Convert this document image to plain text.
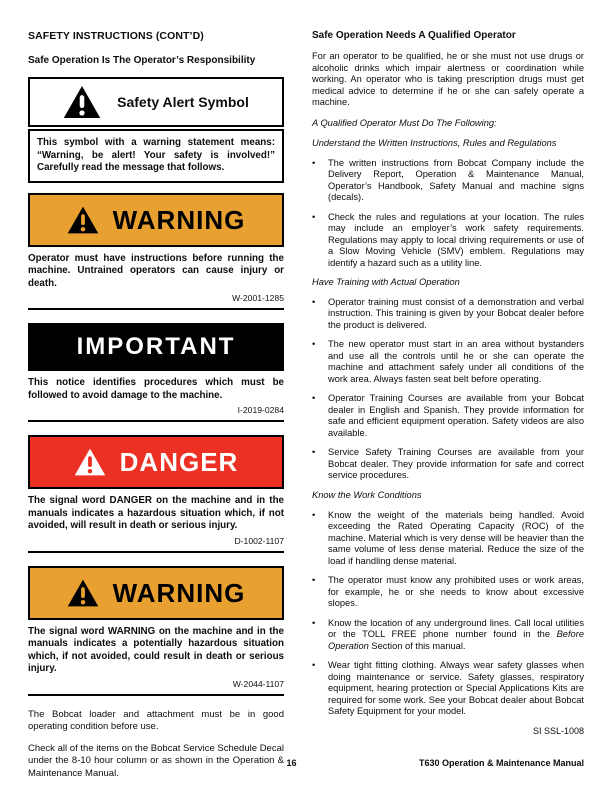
SAFETY INSTRUCTIONS (CONT’D)
Safe Operation Is The Operator’s Responsibility
Safety Alert Symbol
This symbol with a warning statement means: “Warning, be alert! Your safety is involved!” Carefully read the message that follows.
WARNING

Operator must have instructions before running the machine. Untrained operators can cause injury or death.

W-2001-1285
IMPORTANT

This notice identifies procedures which must be followed to avoid damage to the machine.

I-2019-0284
DANGER

The signal word DANGER on the machine and in the manuals indicates a hazardous situation which, if not avoided, will result in death or serious injury.

D-1002-1107
WARNING

The signal word WARNING on the machine and in the manuals indicates a potentially hazardous situation which, if not avoided, could result in death or serious injury.

W-2044-1107

The Bobcat loader and attachment must be in good operating condition before use.

Check all of the items on the Bobcat Service Schedule Decal under the 8-10 hour column or as shown in the Operation & Maintenance Manual.

Safe Operation Needs A Qualified Operator

For an operator to be qualified, he or she must not use drugs or alcoholic drinks which impair alertness or coordination while working. An operator who is taking prescription drugs must get medical advice to determine if he or she can safely operate a machine.

A Qualified Operator Must Do The Following:

Understand the Written Instructions, Rules and Regulations

•	The written instructions from Bobcat Company include the Delivery Report, Operation & Maintenance Manual, Operator’s Handbook, Safety Manual and machine signs (decals).
•	Check the rules and regulations at your location. The rules may include an employer’s work safety requirements. Regulations may apply to local driving requirements or use of a Slow Moving Vehicle (SMV) emblem. Regulations may identify a hazard such as a utility line.

Have Training with Actual Operation

•	Operator training must consist of a demonstration and verbal instruction. This training is given by your Bobcat dealer before the product is delivered.
•	The new operator must start in an area without bystanders and use all the controls until he or she can operate the machine and attachment safely under all conditions of the work area. Always fasten seat belt before operating.
•	Operator Training Courses are available from your Bobcat dealer in English and Spanish. They provide information for safe and efficient equipment operation. Safety videos are also available.
•	Service Safety Training Courses are available from your Bobcat dealer. They provide information for safe and correct service procedures.

Know the Work Conditions

•	Know the weight of the materials being handled. Avoid exceeding the Rated Operating Capacity (ROC) of the machine. Material which is very dense will be heavier than the same volume of less dense material. Reduce the size of the load if handling dense material.
•	The operator must know any prohibited uses or work areas, for example, he or she needs to know about excessive slopes.
•	Know the location of any underground lines. Call local utilities or the TOLL FREE phone number found in the Before Operation Section of this manual.
•	Wear tight fitting clothing. Always wear safety glasses when doing maintenance or service. Safety glasses, respiratory equipment, hearing protection or Special Applications Kits are required for some work. See your Bobcat dealer about Bobcat Safety Equipment for your model.
SI SSL-1008
16	T630 Operation & Maintenance Manual
